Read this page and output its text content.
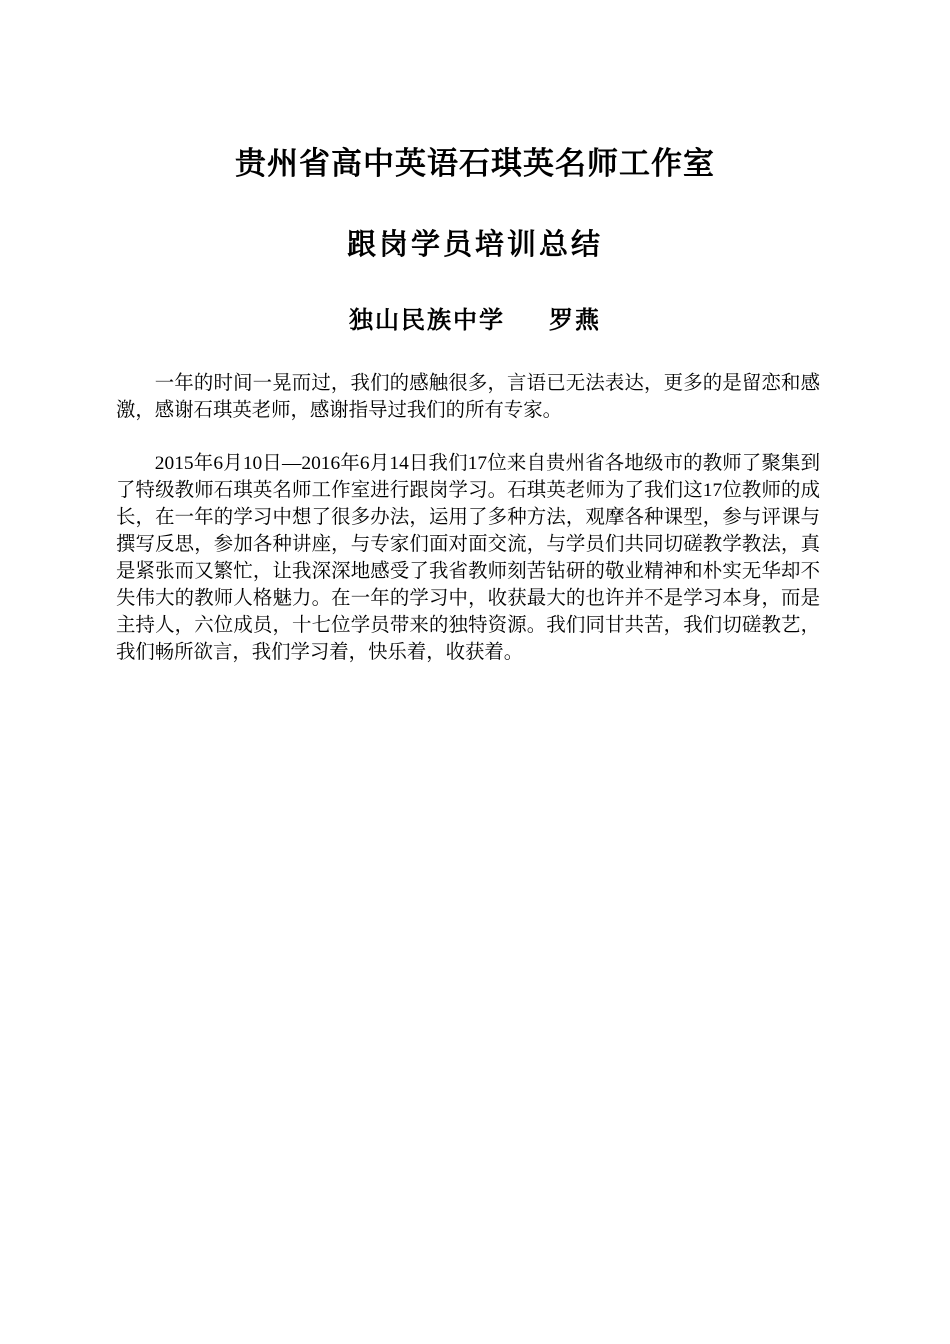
贵州省高中英语石琪英名师工作室
跟岗学员培训总结
独山民族中学 罗燕

一年的时间一晃而过，我们的感触很多，言语已无法表达，更多的是留恋和感激，感谢石琪英老师，感谢指导过我们的所有专家。

2015年6月10日—2016年6月14日我们17位来自贵州省各地级市的教师了聚集到了特级教师石琪英名师工作室进行跟岗学习。石琪英老师为了我们这17位教师的成长，在一年的学习中想了很多办法，运用了多种方法，观摩各种课型，参与评课与撰写反思，参加各种讲座，与专家们面对面交流，与学员们共同切磋教学教法，真是紧张而又繁忙，让我深深地感受了我省教师刻苦钻研的敬业精神和朴实无华却不失伟大的教师人格魅力。在一年的学习中，收获最大的也许并不是学习本身，而是主持人，六位成员，十七位学员带来的独特资源。我们同甘共苦，我们切磋教艺，我们畅所欲言，我们学习着，快乐着，收获着。
